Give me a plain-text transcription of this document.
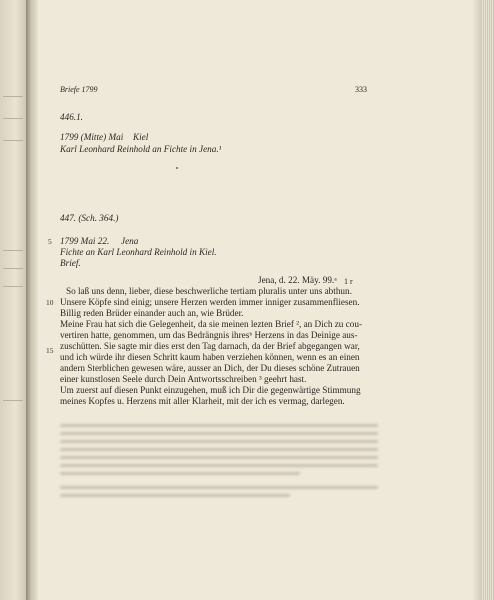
Briefe 1799	333
446.1.
1799 (Mitte) Mai Kiel
Karl Leonhard Reinhold an Fichte in Jena.¹
447. (Sch. 364.)
5 1799 Mai 22. Jena
Fichte an Karl Leonhard Reinhold in Kiel.
Brief.
Jena, d. 22. Mäy. 99.ᵃ 1 r
So laß uns denn, lieber, diese beschwerliche tertiam pluralis unter uns abthun.
10 Unsere Köpfe sind einig; unsere Herzen werden immer inniger zusammenfliesen.
Billig reden Brüder einander auch an, wie Brüder.
Meine Frau hat sich die Gelegenheit, da sie meinen lezten Brief ², an Dich zu cou-
vertiren hatte, genommen, um das Bedrängnis ihresᵇ Herzens in das Deinige aus-
zuschütten. Sie sagte mir dies erst den Tag darnach, da der Brief abgegangen war,
15
und ich würde ihr diesen Schritt kaum haben verziehen können, wenn es an einen
andern Sterblichen gewesen wäre, ausser an Dich, der Du dieses schöne Zutrauen
einer kunstlosen Seele durch Dein Antwortsschreiben ³ geehrt hast.
Um zuerst auf diesen Punkt einzugehen, muß ich Dir die gegenwärtige Stimmung
meines Kopfes u. Herzens mit aller Klarheit, mit der ich es vermag, darlegen.
